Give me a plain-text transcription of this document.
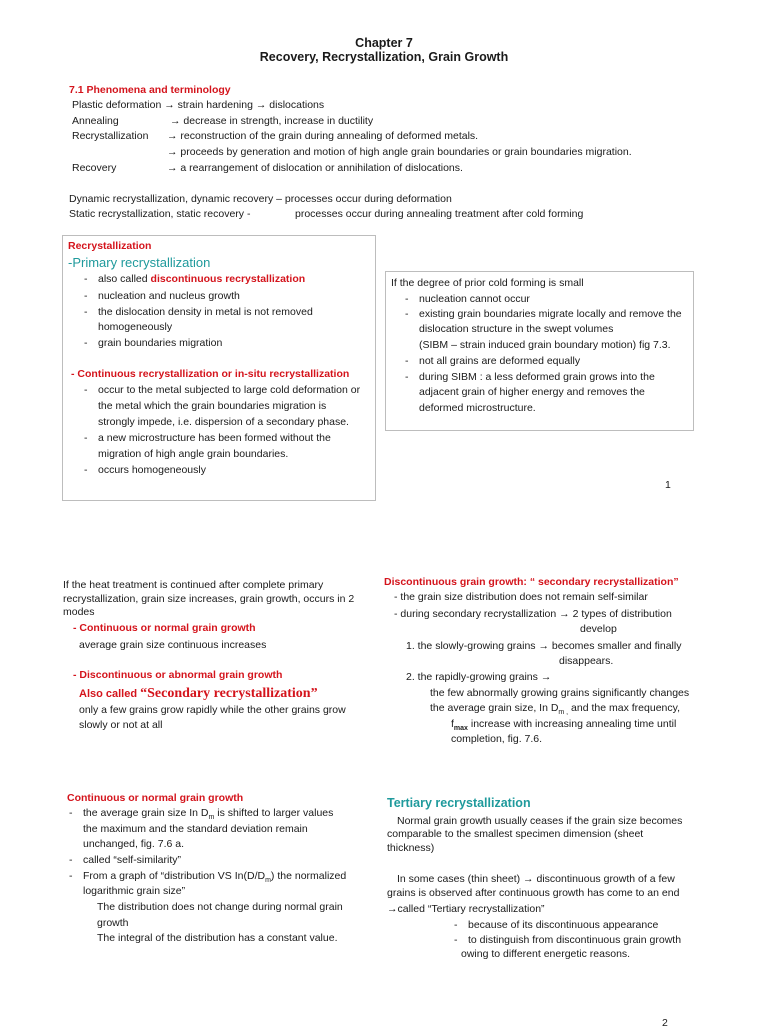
Chapter 7
Recovery, Recrystallization, Grain Growth
7.1 Phenomena and terminology
Plastic deformation → strain hardening → dislocations
Annealing	→ decrease in strength, increase in ductility
Recrystallization → reconstruction of the grain during annealing of deformed metals.
→ proceeds by generation and motion of high angle grain boundaries or grain boundaries migration.
Recovery	→ a rearrangement of dislocation or annihilation of dislocations.
Dynamic recrystallization, dynamic recovery – processes occur during deformation
Static recrystallization, static recovery -	processes occur during annealing treatment after cold forming
Recrystallization
-Primary recrystallization
- also called discontinuous recrystallization
- nucleation and nucleus growth
- the dislocation density in metal is not removed
homogeneously
- grain boundaries migration
- Continuous recrystallization or in-situ recrystallization
- occur to the metal subjected to large cold deformation or
the metal which the grain boundaries migration is
strongly impede, i.e. dispersion of a secondary phase.
- a new microstructure has been formed without the
migration of high angle grain boundaries.
- occurs homogeneously
If the degree of prior cold forming is small
- nucleation cannot occur
- existing grain boundaries migrate locally and remove the
dislocation structure in the swept volumes
(SIBM – strain induced grain boundary motion) fig 7.3.
- not all grains are deformed equally
- during SIBM : a less deformed grain grows into the
adjacent grain of higher energy and removes the
deformed microstructure.
1
If the heat treatment is continued after complete primary
recrystallization, grain size increases, grain growth, occurs in 2
modes
- Continuous or normal grain growth
average grain size continuous increases
- Discontinuous or abnormal grain growth
Also called “Secondary recrystallization”
only a few grains grow rapidly while the other grains grow
slowly or not at all
Discontinuous grain growth: “ secondary recrystallization”
- the grain size distribution does not remain self-similar
- during secondary recrystallization → 2 types of distribution
develop
1. the slowly-growing grains → becomes smaller and finally
disappears.
2. the rapidly-growing grains →
the few abnormally growing grains significantly changes
the average grain size, In $D_{m ,}$ and the max frequency,
$f_{max}$ increase with increasing annealing time until
completion, fig. 7.6.
Continuous or normal grain growth
- the average grain size In $D_m$ is shifted to larger values
the maximum and the standard deviation remain
unchanged, fig. 7.6 a.
- called “self-similarity”
- From a graph of “distribution VS $In(D/D_m)$ the normalized
logarithmic grain size”
The distribution does not change during normal grain
growth
The integral of the distribution has a constant value.
Tertiary recrystallization
Normal grain growth usually ceases if the grain size becomes
comparable to the smallest specimen dimension (sheet
thickness)
In some cases (thin sheet) → discontinuous growth of a few
grains is observed after continuous growth has come to an end
→called “Tertiary recrystallization”
- because of its discontinuous appearance
- to distinguish from discontinuous grain growth
owing to different energetic reasons.
2
